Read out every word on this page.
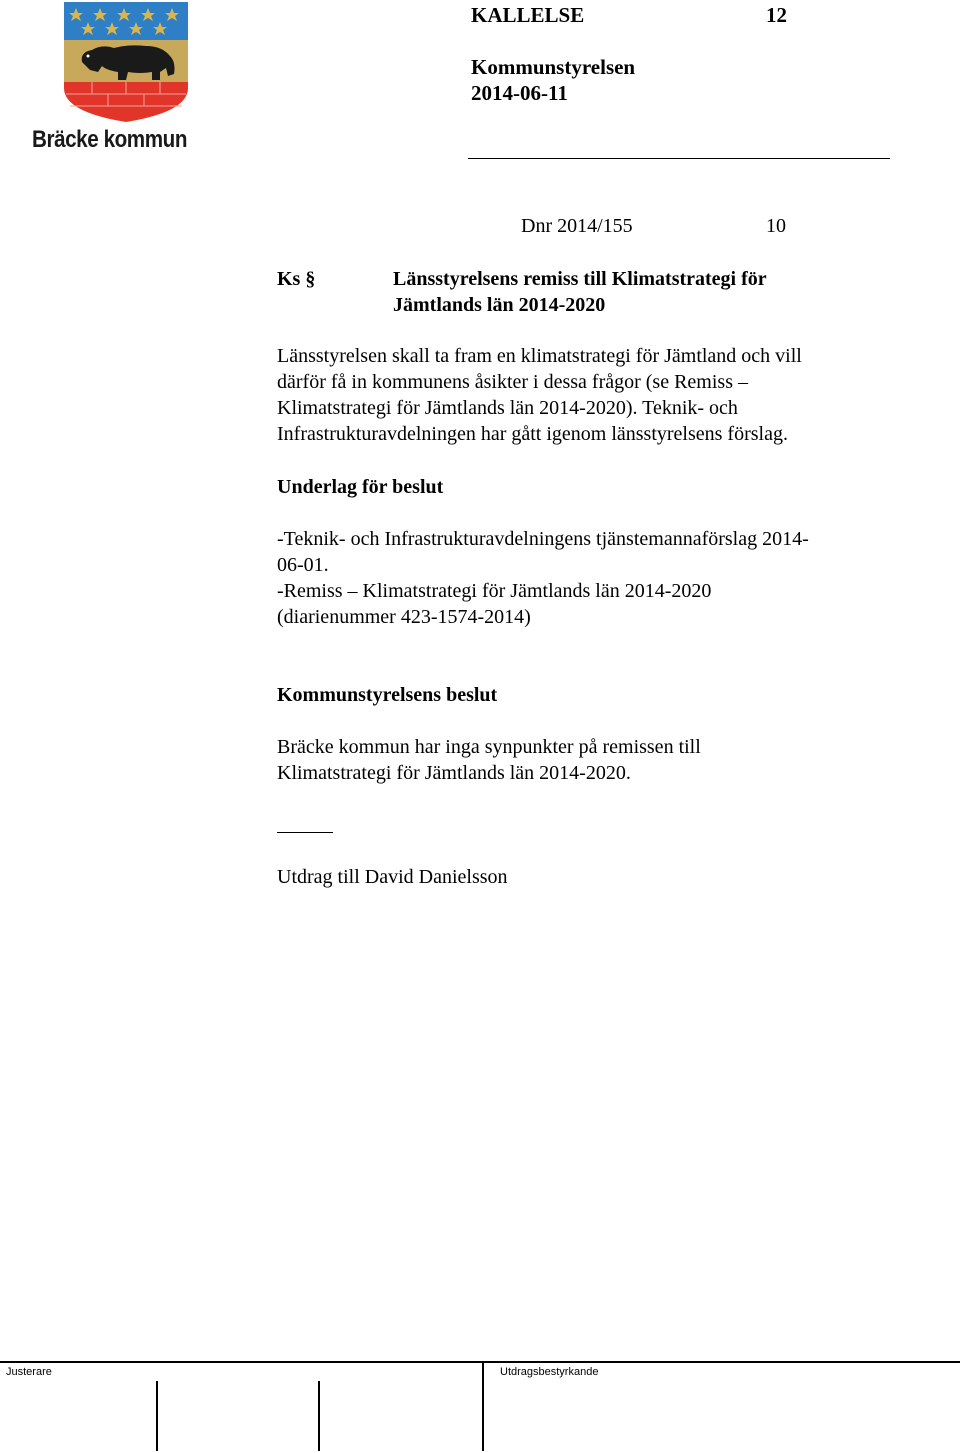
Bräcke kommun
KALLELSE	12
Kommunstyrelsen
2014-06-11
Dnr 2014/155	10
Ks §	Länsstyrelsens remiss till Klimatstrategi för
Jämtlands län 2014-2020
Länsstyrelsen skall ta fram en klimatstrategi för Jämtland och vill
därför få in kommunens åsikter i dessa frågor (se Remiss –
Klimatstrategi för Jämtlands län 2014-2020). Teknik- och
Infrastrukturavdelningen har gått igenom länsstyrelsens förslag.
Underlag för beslut
-Teknik- och Infrastrukturavdelningens tjänstemannaförslag 2014-
06-01.
-Remiss – Klimatstrategi för Jämtlands län 2014-2020
(diarienummer 423-1574-2014)
Kommunstyrelsens beslut
Bräcke kommun har inga synpunkter på remissen till
Klimatstrategi för Jämtlands län 2014-2020.
Utdrag till David Danielsson
Justerare	Utdragsbestyrkande
